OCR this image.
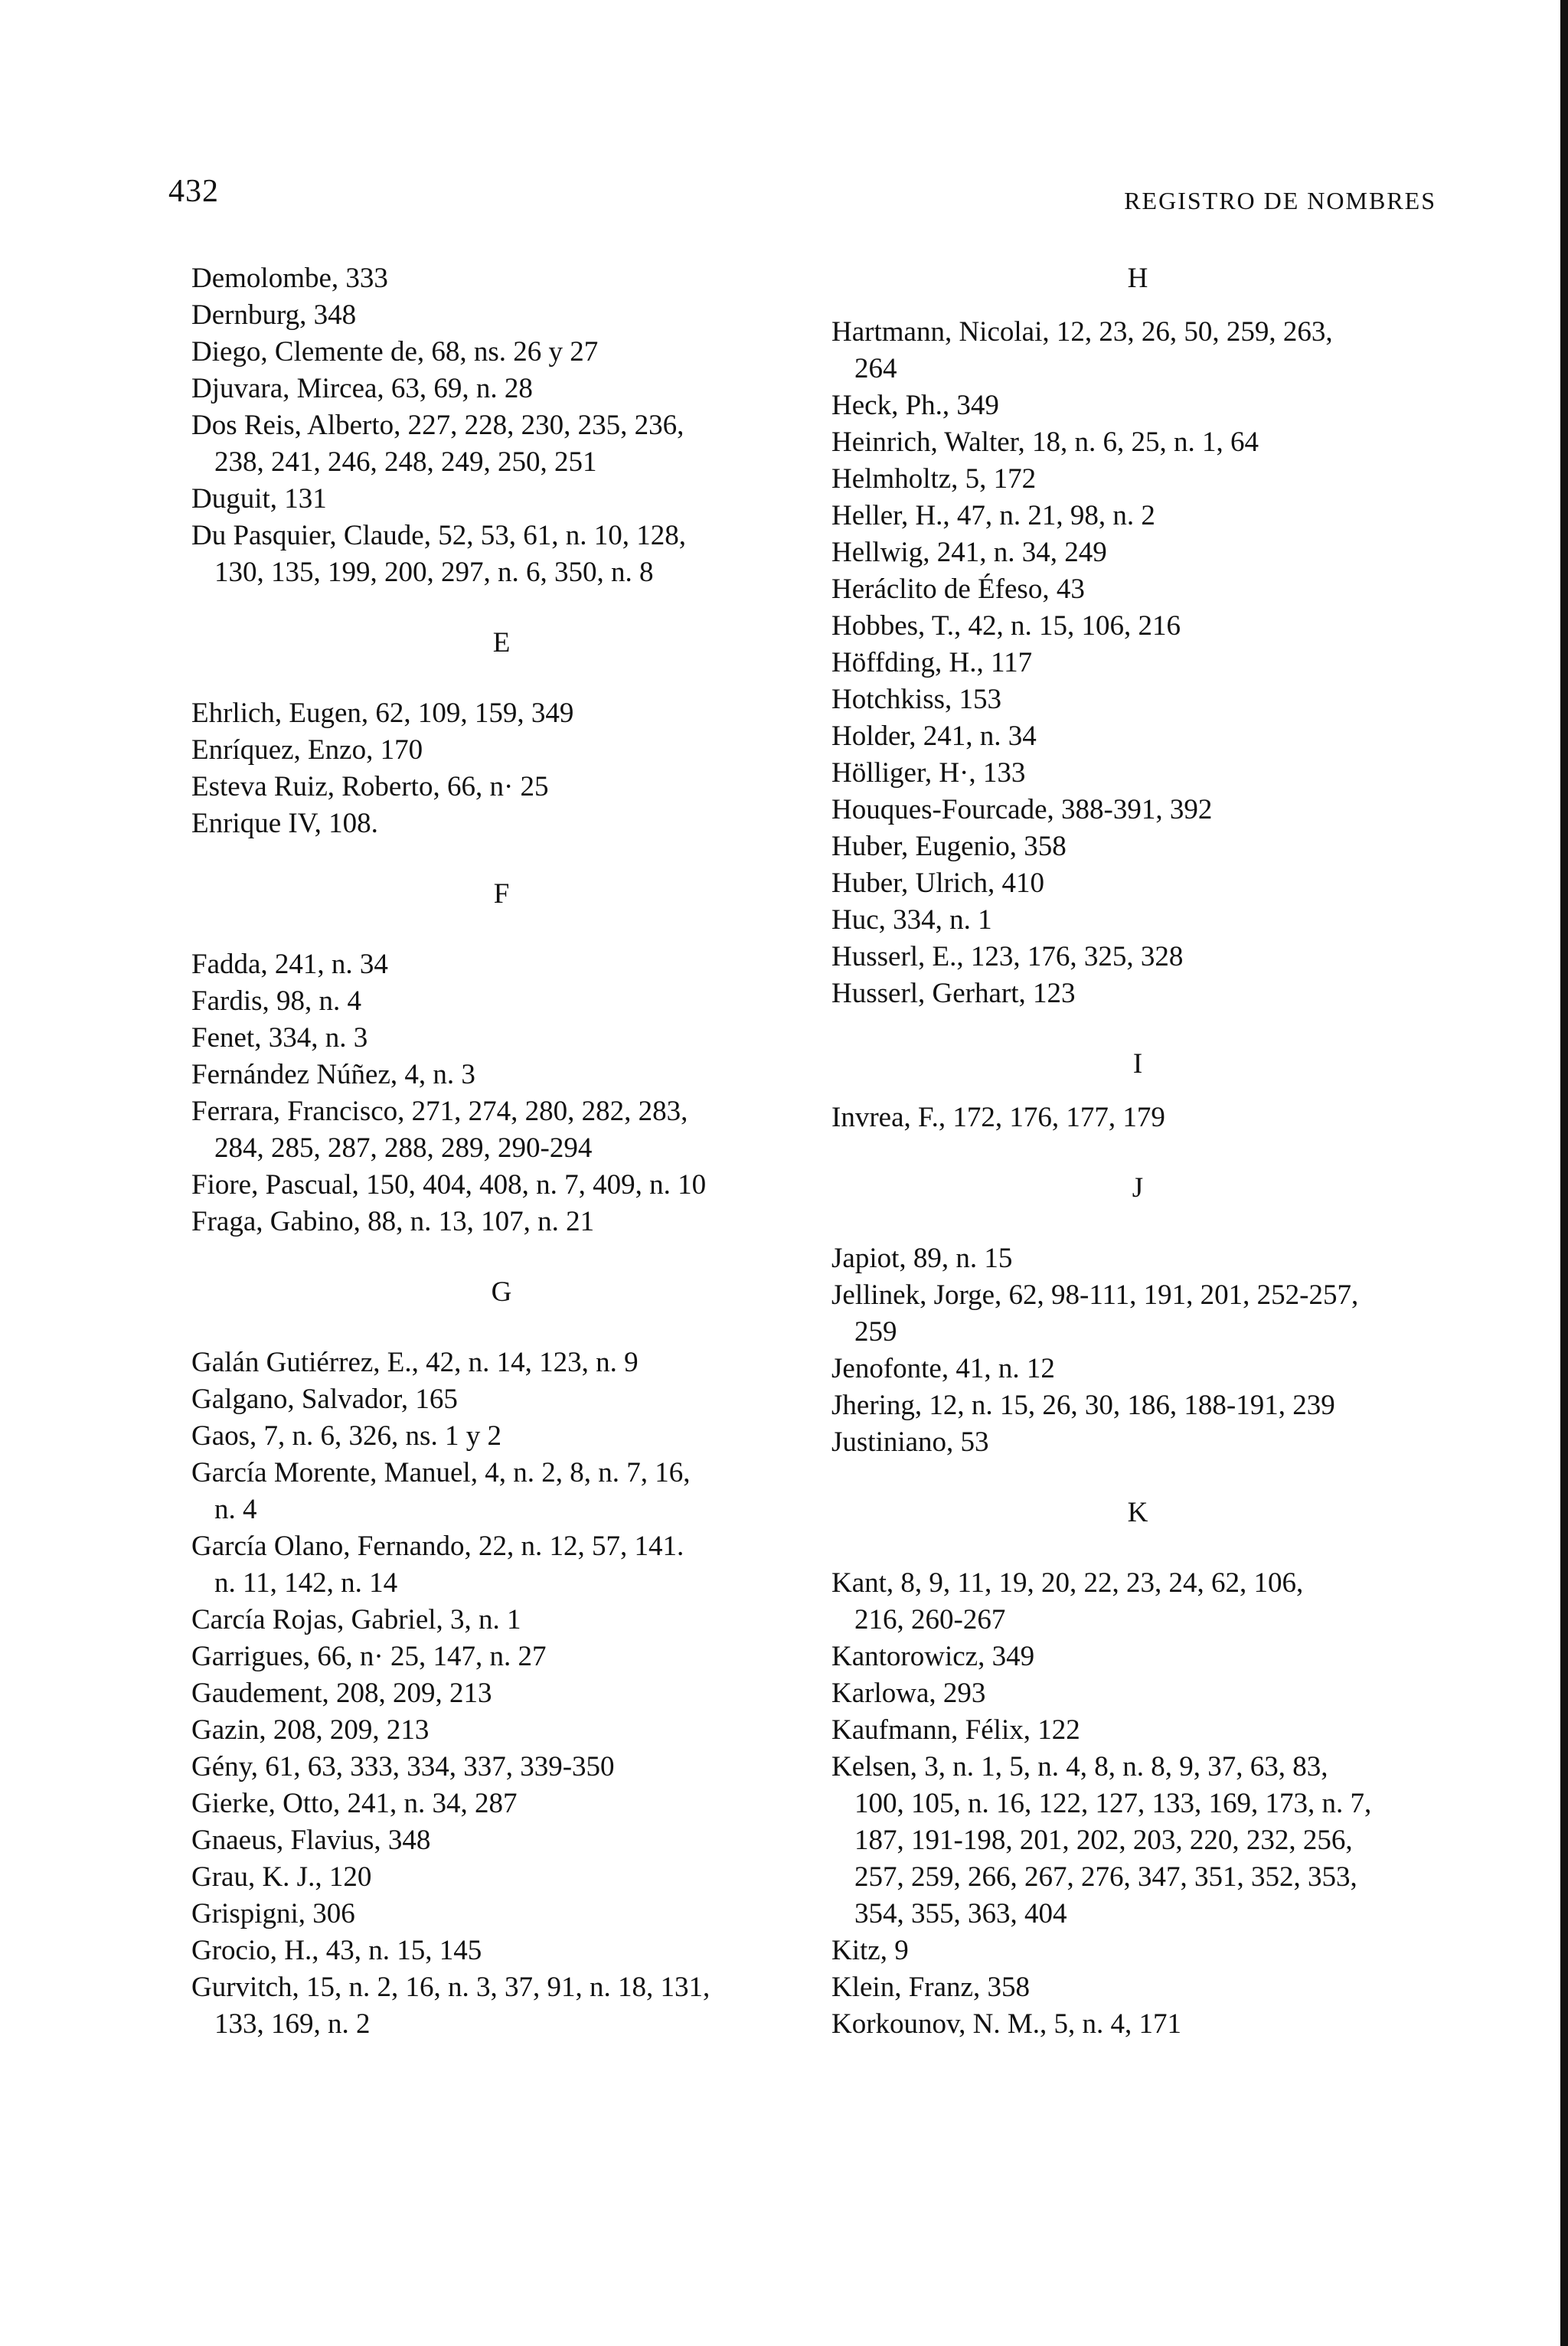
432	REGISTRO DE NOMBRES
Demolombe, 333
Dernburg, 348
Diego, Clemente de, 68, ns. 26 y 27
Djuvara, Mircea, 63, 69, n. 28
Dos Reis, Alberto, 227, 228, 230, 235, 236,
238, 241, 246, 248, 249, 250, 251
Duguit, 131
Du Pasquier, Claude, 52, 53, 61, n. 10, 128,
130, 135, 199, 200, 297, n. 6, 350, n. 8
E
Ehrlich, Eugen, 62, 109, 159, 349
Enríquez, Enzo, 170
Esteva Ruiz, Roberto, 66, n· 25
Enrique IV, 108.
F
Fadda, 241, n. 34
Fardis, 98, n. 4
Fenet, 334, n. 3
Fernández Núñez, 4, n. 3
Ferrara, Francisco, 271, 274, 280, 282, 283,
284, 285, 287, 288, 289, 290-294
Fiore, Pascual, 150, 404, 408, n. 7, 409, n. 10
Fraga, Gabino, 88, n. 13, 107, n. 21
G
Galán Gutiérrez, E., 42, n. 14, 123, n. 9
Galgano, Salvador, 165
Gaos, 7, n. 6, 326, ns. 1 y 2
García Morente, Manuel, 4, n. 2, 8, n. 7, 16,
n. 4
García Olano, Fernando, 22, n. 12, 57, 141.
n. 11, 142, n. 14
Carcía Rojas, Gabriel, 3, n. 1
Garrigues, 66, n· 25, 147, n. 27
Gaudement, 208, 209, 213
Gazin, 208, 209, 213
Gény, 61, 63, 333, 334, 337, 339-350
Gierke, Otto, 241, n. 34, 287
Gnaeus, Flavius, 348
Grau, K. J., 120
Grispigni, 306
Grocio, H., 43, n. 15, 145
Gurvitch, 15, n. 2, 16, n. 3, 37, 91, n. 18, 131,
133, 169, n. 2
H
Hartmann, Nicolai, 12, 23, 26, 50, 259, 263,
264
Heck, Ph., 349
Heinrich, Walter, 18, n. 6, 25, n. 1, 64
Helmholtz, 5, 172
Heller, H., 47, n. 21, 98, n. 2
Hellwig, 241, n. 34, 249
Heráclito de Éfeso, 43
Hobbes, T., 42, n. 15, 106, 216
Höffding, H., 117
Hotchkiss, 153
Holder, 241, n. 34
Hölliger, H·, 133
Houques-Fourcade, 388-391, 392
Huber, Eugenio, 358
Huber, Ulrich, 410
Huc, 334, n. 1
Husserl, E., 123, 176, 325, 328
Husserl, Gerhart, 123
I
Invrea, F., 172, 176, 177, 179
J
Japiot, 89, n. 15
Jellinek, Jorge, 62, 98-111, 191, 201, 252-257,
259
Jenofonte, 41, n. 12
Jhering, 12, n. 15, 26, 30, 186, 188-191, 239
Justiniano, 53
K
Kant, 8, 9, 11, 19, 20, 22, 23, 24, 62, 106,
216, 260-267
Kantorowicz, 349
Karlowa, 293
Kaufmann, Félix, 122
Kelsen, 3, n. 1, 5, n. 4, 8, n. 8, 9, 37, 63, 83,
100, 105, n. 16, 122, 127, 133, 169, 173, n. 7,
187, 191-198, 201, 202, 203, 220, 232, 256,
257, 259, 266, 267, 276, 347, 351, 352, 353,
354, 355, 363, 404
Kitz, 9
Klein, Franz, 358
Korkounov, N. M., 5, n. 4, 171
